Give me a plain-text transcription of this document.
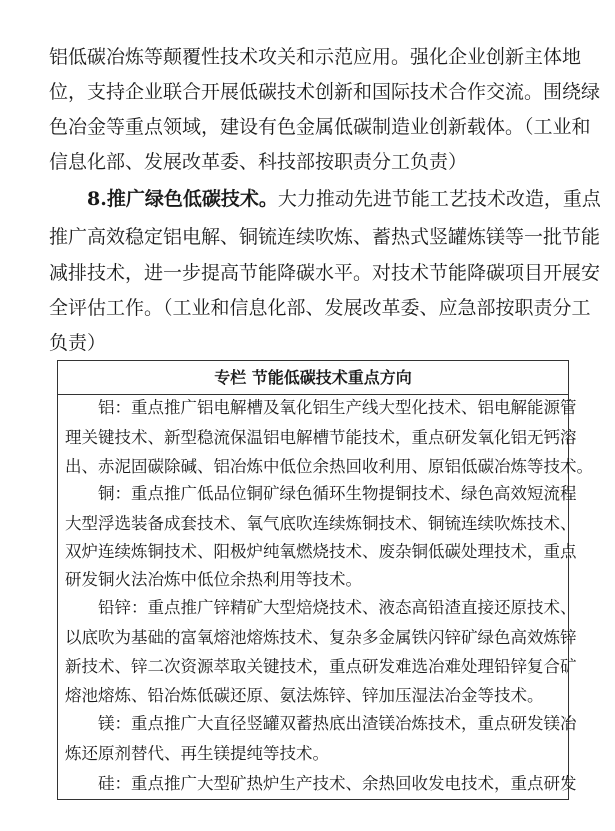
铝低碳冶炼等颠覆性技术攻关和示范应用。强化企业创新主体地
位，支持企业联合开展低碳技术创新和国际技术合作交流。围绕绿
色冶金等重点领域，建设有色金属低碳制造业创新载体。（工业和
信息化部、发展改革委、科技部按职责分工负责）
8.推广绿色低碳技术。大力推动先进节能工艺技术改造，重点
推广高效稳定铝电解、铜锍连续吹炼、蓄热式竖罐炼镁等一批节能
减排技术，进一步提高节能降碳水平。对技术节能降碳项目开展安
全评估工作。（工业和信息化部、发展改革委、应急部按职责分工
负责）
专栏 节能低碳技术重点方向
铝：重点推广铝电解槽及氧化铝生产线大型化技术、铝电解能源管
理关键技术、新型稳流保温铝电解槽节能技术，重点研发氧化铝无钙溶
出、赤泥固碳除碱、铝冶炼中低位余热回收利用、原铝低碳冶炼等技术。
铜：重点推广低品位铜矿绿色循环生物提铜技术、绿色高效短流程
大型浮选装备成套技术、氧气底吹连续炼铜技术、铜锍连续吹炼技术、
双炉连续炼铜技术、阳极炉纯氧燃烧技术、废杂铜低碳处理技术，重点
研发铜火法冶炼中低位余热利用等技术。
铅锌：重点推广锌精矿大型焙烧技术、液态高铅渣直接还原技术、
以底吹为基础的富氧熔池熔炼技术、复杂多金属铁闪锌矿绿色高效炼锌
新技术、锌二次资源萃取关键技术，重点研发难选冶难处理铅锌复合矿
熔池熔炼、铅冶炼低碳还原、氨法炼锌、锌加压湿法冶金等技术。
镁：重点推广大直径竖罐双蓄热底出渣镁冶炼技术，重点研发镁冶
炼还原剂替代、再生镁提纯等技术。
硅：重点推广大型矿热炉生产技术、余热回收发电技术，重点研发
